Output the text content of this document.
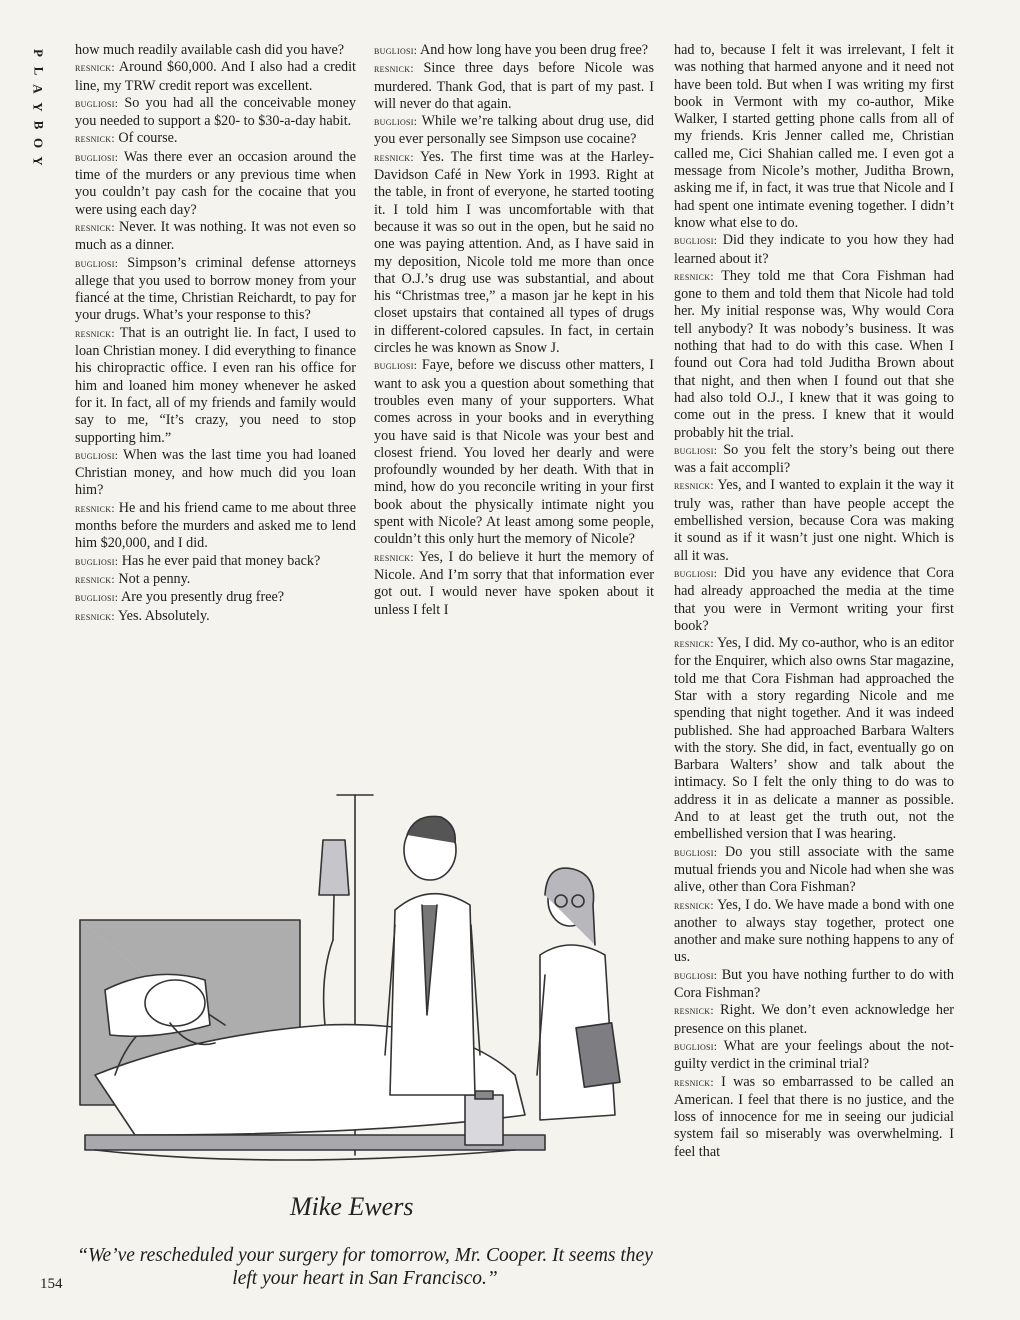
P
L
A
Y
B
O
Y

how much readily available cash did you have?

resnick: Around $60,000. And I also had a credit line, my TRW credit report was excellent.

bugliosi: So you had all the conceivable money you needed to support a $20- to $30-a-day habit.

resnick: Of course.

bugliosi: Was there ever an occasion around the time of the murders or any previous time when you couldn’t pay cash for the cocaine that you were using each day?

resnick: Never. It was nothing. It was not even so much as a dinner.

bugliosi: Simpson’s criminal defense attorneys allege that you used to borrow money from your fiancé at the time, Christian Reichardt, to pay for your drugs. What’s your response to this?

resnick: That is an outright lie. In fact, I used to loan Christian money. I did everything to finance his chiropractic office. I even ran his office for him and loaned him money whenever he asked for it. In fact, all of my friends and family would say to me, “It’s crazy, you need to stop supporting him.”

bugliosi: When was the last time you had loaned Christian money, and how much did you loan him?

resnick: He and his friend came to me about three months before the murders and asked me to lend him $20,000, and I did.

bugliosi: Has he ever paid that money back?

resnick: Not a penny.

bugliosi: Are you presently drug free?

resnick: Yes. Absolutely.

bugliosi: And how long have you been drug free?

resnick: Since three days before Nicole was murdered. Thank God, that is part of my past. I will never do that again.

bugliosi: While we’re talking about drug use, did you ever personally see Simpson use cocaine?

resnick: Yes. The first time was at the Harley-Davidson Café in New York in 1993. Right at the table, in front of everyone, he started tooting it. I told him I was uncomfortable with that because it was so out in the open, but he said no one was paying attention. And, as I have said in my deposition, Nicole told me more than once that O.J.’s drug use was substantial, and about his “Christmas tree,” a mason jar he kept in his closet upstairs that contained all types of drugs in different-colored capsules. In fact, in certain circles he was known as Snow J.

bugliosi: Faye, before we discuss other matters, I want to ask you a question about something that troubles even many of your supporters. What comes across in your books and in everything you have said is that Nicole was your best and closest friend. You loved her dearly and were profoundly wounded by her death. With that in mind, how do you reconcile writing in your first book about the physically intimate night you spent with Nicole? At least among some people, couldn’t this only hurt the memory of Nicole?

resnick: Yes, I do believe it hurt the memory of Nicole. And I’m sorry that that information ever got out. I would never have spoken about it unless I felt I

had to, because I felt it was irrelevant, I felt it was nothing that harmed anyone and it need not have been told. But when I was writing my first book in Vermont with my co-author, Mike Walker, I started getting phone calls from all of my friends. Kris Jenner called me, Christian called me, Cici Shahian called me. I even got a message from Nicole’s mother, Juditha Brown, asking me if, in fact, it was true that Nicole and I had spent one intimate evening together. I didn’t know what else to do.

bugliosi: Did they indicate to you how they had learned about it?

resnick: They told me that Cora Fishman had gone to them and told them that Nicole had told her. My initial response was, Why would Cora tell anybody? It was nobody’s business. It was nothing that had to do with this case. When I found out Cora had told Juditha Brown about that night, and then when I found out that she had also told O.J., I knew that it was going to come out in the press. I knew that it would probably hit the trial.

bugliosi: So you felt the story’s being out there was a fait accompli?

resnick: Yes, and I wanted to explain it the way it truly was, rather than have people accept the embellished version, because Cora was making it sound as if it wasn’t just one night. Which is all it was.

bugliosi: Did you have any evidence that Cora had already approached the media at the time that you were in Vermont writing your first book?

resnick: Yes, I did. My co-author, who is an editor for the Enquirer, which also owns Star magazine, told me that Cora Fishman had approached the Star with a story regarding Nicole and me spending that night together. And it was indeed published. She had approached Barbara Walters with the story. She did, in fact, eventually go on Barbara Walters’ show and talk about the intimacy. So I felt the only thing to do was to address it in as delicate a manner as possible. And to at least get the truth out, not the embellished version that I was hearing.

bugliosi: Do you still associate with the same mutual friends you and Nicole had when she was alive, other than Cora Fishman?

resnick: Yes, I do. We have made a bond with one another to always stay together, protect one another and make sure nothing happens to any of us.

bugliosi: But you have nothing further to do with Cora Fishman?

resnick: Right. We don’t even acknowledge her presence on this planet.

bugliosi: What are your feelings about the not-guilty verdict in the criminal trial?

resnick: I was so embarrassed to be called an American. I feel that there is no justice, and the loss of innocence for me in seeing our judicial system fail so miserably was overwhelming. I feel that

Mike Ewers
“We’ve rescheduled your surgery for tomorrow, Mr. Cooper. It seems they left your heart in San Francisco.”
154
